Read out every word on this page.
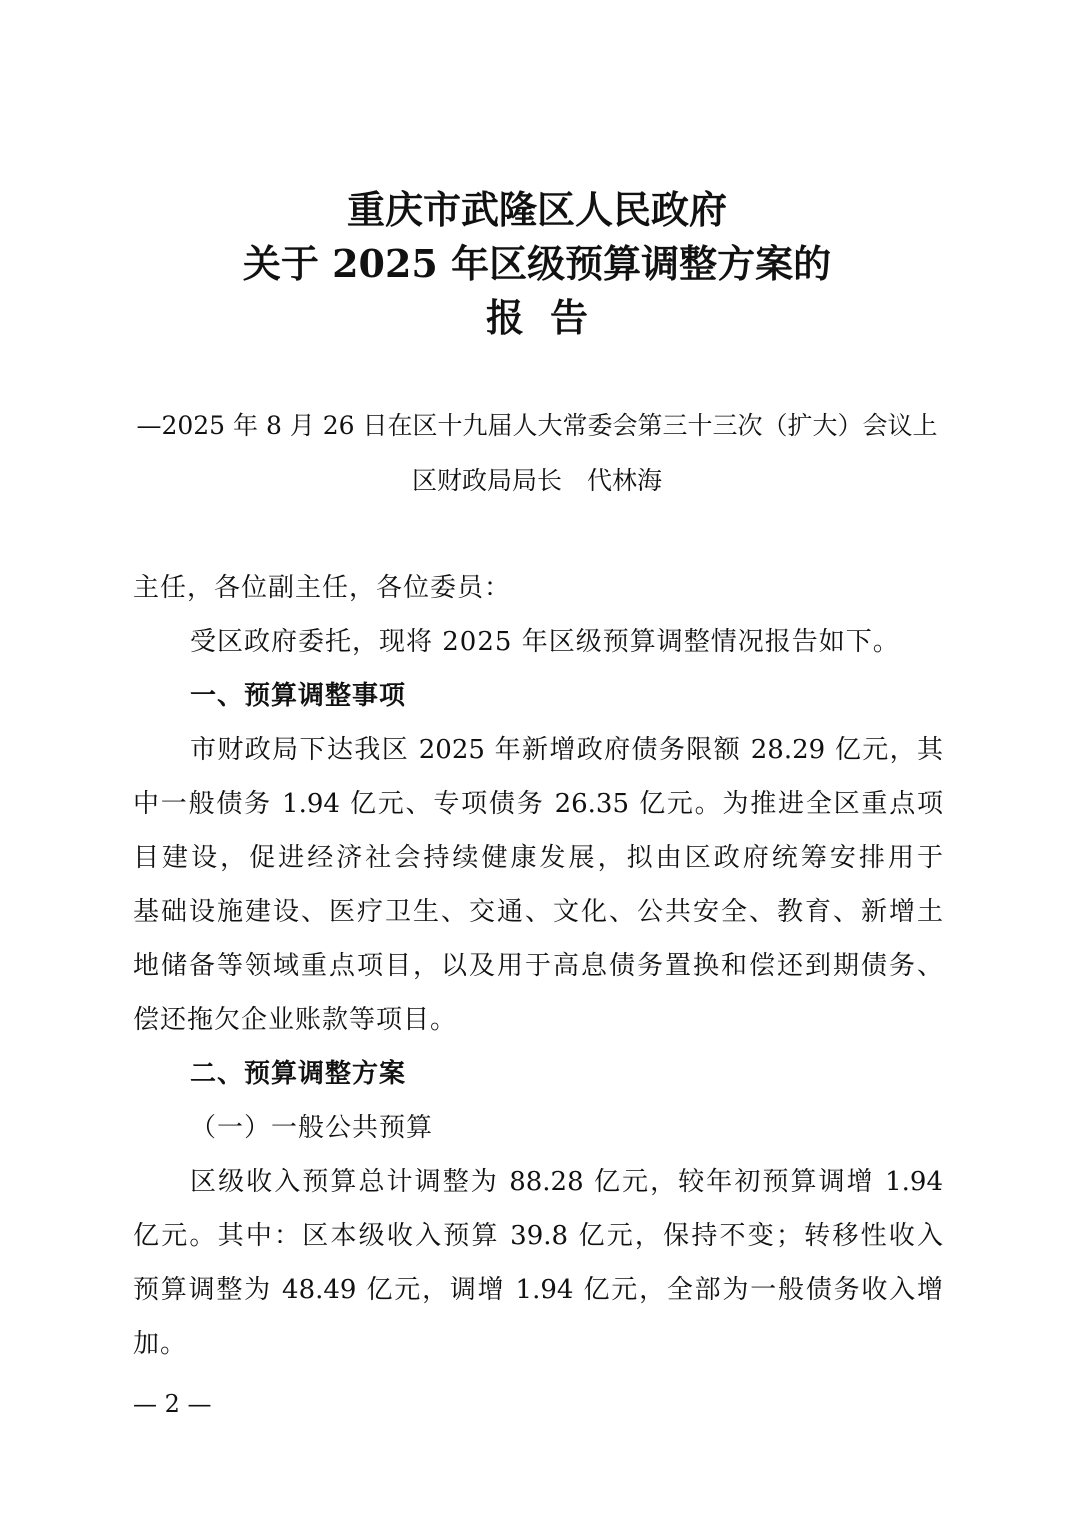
重庆市武隆区人民政府
关于 2025 年区级预算调整方案的
报告
—2025 年 8 月 26 日在区十九届人大常委会第三十三次（扩大）会议上
区财政局局长　代林海
主任，各位副主任，各位委员：
受区政府委托，现将 2025 年区级预算调整情况报告如下。
一、预算调整事项
市财政局下达我区 2025 年新增政府债务限额 28.29 亿元，其
中一般债务 1.94 亿元、专项债务 26.35 亿元。为推进全区重点项
目建设，促进经济社会持续健康发展，拟由区政府统筹安排用于
基础设施建设、医疗卫生、交通、文化、公共安全、教育、新增土
地储备等领域重点项目，以及用于高息债务置换和偿还到期债务、
偿还拖欠企业账款等项目。
二、预算调整方案
（一）一般公共预算
区级收入预算总计调整为 88.28 亿元，较年初预算调增 1.94
亿元。其中：区本级收入预算 39.8 亿元，保持不变；转移性收入
预算调整为 48.49 亿元，调增 1.94 亿元，全部为一般债务收入增
加。
— 2 —
